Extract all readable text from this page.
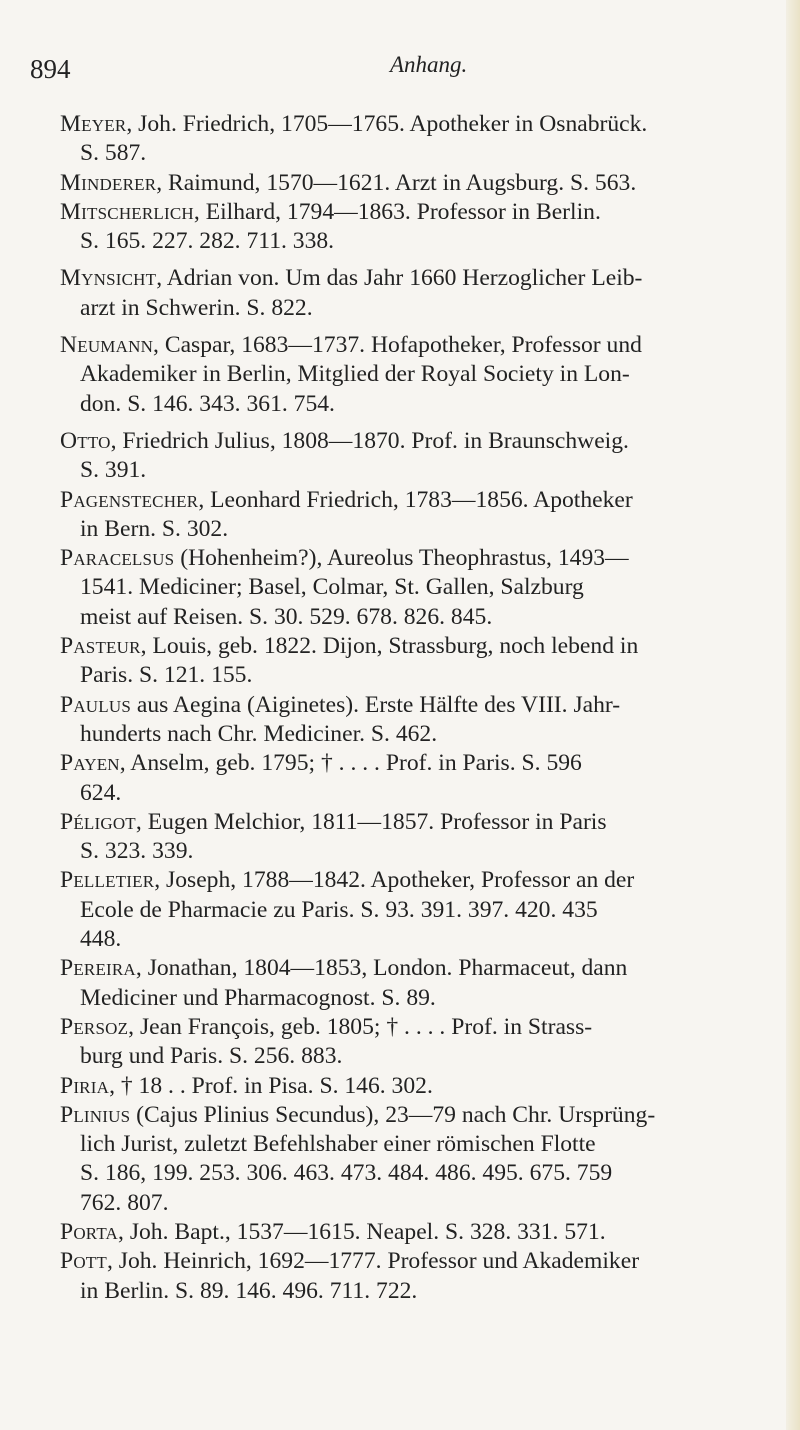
894	Anhang.
Meyer, Joh. Friedrich, 1705—1765. Apotheker in Osnabrück.
S. 587.
Minderer, Raimund, 1570—1621. Arzt in Augsburg. S. 563.
Mitscherlich, Eilhard, 1794—1863. Professor in Berlin.
S. 165. 227. 282. 711. 338.
Mynsicht, Adrian von. Um das Jahr 1660 Herzoglicher Leib-
arzt in Schwerin. S. 822.
Neumann, Caspar, 1683—1737. Hofapotheker, Professor und
Akademiker in Berlin, Mitglied der Royal Society in Lon-
don. S. 146. 343. 361. 754.
Otto, Friedrich Julius, 1808—1870. Prof. in Braunschweig.
S. 391.
Pagenstecher, Leonhard Friedrich, 1783—1856. Apotheker
in Bern. S. 302.
Paracelsus (Hohenheim?), Aureolus Theophrastus, 1493—
1541. Mediciner; Basel, Colmar, St. Gallen, Salzburg
meist auf Reisen. S. 30. 529. 678. 826. 845.
Pasteur, Louis, geb. 1822. Dijon, Strassburg, noch lebend in
Paris. S. 121. 155.
Paulus aus Aegina (Aiginetes). Erste Hälfte des VIII. Jahr-
hunderts nach Chr. Mediciner. S. 462.
Payen, Anselm, geb. 1795; † . . . . Prof. in Paris. S. 596
624.
Péligot, Eugen Melchior, 1811—1857. Professor in Paris
S. 323. 339.
Pelletier, Joseph, 1788—1842. Apotheker, Professor an der
Ecole de Pharmacie zu Paris. S. 93. 391. 397. 420. 435
448.
Pereira, Jonathan, 1804—1853, London. Pharmaceut, dann
Mediciner und Pharmacognost. S. 89.
Persoz, Jean François, geb. 1805; † . . . . Prof. in Strass-
burg und Paris. S. 256. 883.
Piria, † 18 . . Prof. in Pisa. S. 146. 302.
Plinius (Cajus Plinius Secundus), 23—79 nach Chr. Ursprüng-
lich Jurist, zuletzt Befehlshaber einer römischen Flotte
S. 186, 199. 253. 306. 463. 473. 484. 486. 495. 675. 759
762. 807.
Porta, Joh. Bapt., 1537—1615. Neapel. S. 328. 331. 571.
Pott, Joh. Heinrich, 1692—1777. Professor und Akademiker
in Berlin. S. 89. 146. 496. 711. 722.
